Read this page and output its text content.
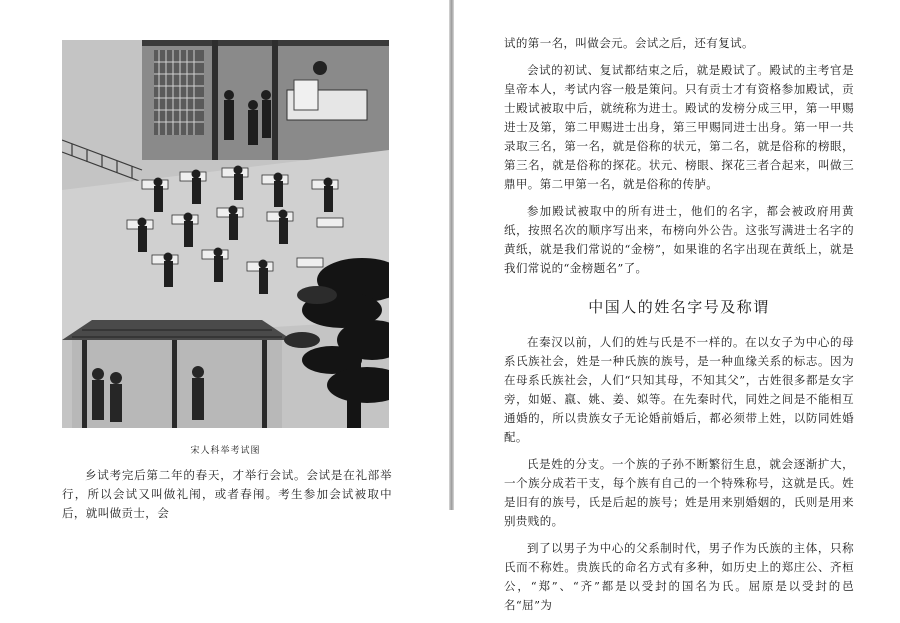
宋人科举考试图

乡试考完后第二年的春天，才举行会试。会试是在礼部举行，所以会试又叫做礼闱，或者春闱。考生参加会试被取中后，就叫做贡士，会

试的第一名，叫做会元。会试之后，还有复试。

会试的初试、复试都结束之后，就是殿试了。殿试的主考官是皇帝本人，考试内容一般是策问。只有贡士才有资格参加殿试，贡士殿试被取中后，就统称为进士。殿试的发榜分成三甲，第一甲赐进士及第，第二甲赐进士出身，第三甲赐同进士出身。第一甲一共录取三名，第一名，就是俗称的状元，第二名，就是俗称的榜眼，第三名，就是俗称的探花。状元、榜眼、探花三者合起来，叫做三鼎甲。第二甲第一名，就是俗称的传胪。

参加殿试被取中的所有进士，他们的名字，都会被政府用黄纸，按照名次的顺序写出来，布榜向外公告。这张写满进士名字的黄纸，就是我们常说的“金榜”，如果谁的名字出现在黄纸上，就是我们常说的“金榜题名”了。

中国人的姓名字号及称谓

在秦汉以前，人们的姓与氏是不一样的。在以女子为中心的母系氏族社会，姓是一种氏族的族号，是一种血缘关系的标志。因为在母系氏族社会，人们“只知其母，不知其父”，古姓很多都是女字旁，如姬、嬴、姚、姜、姒等。在先秦时代，同姓之间是不能相互通婚的，所以贵族女子无论婚前婚后，都必须带上姓，以防同姓婚配。

氏是姓的分支。一个族的子孙不断繁衍生息，就会逐渐扩大，一个族分成若干支，每个族有自己的一个特殊称号，这就是氏。姓是旧有的族号，氏是后起的族号；姓是用来别婚姻的，氏则是用来别贵贱的。

到了以男子为中心的父系制时代，男子作为氏族的主体，只称氏而不称姓。贵族氏的命名方式有多种，如历史上的郑庄公、齐桓公，“郑”、“齐”都是以受封的国名为氏。屈原是以受封的邑名“屈”为
